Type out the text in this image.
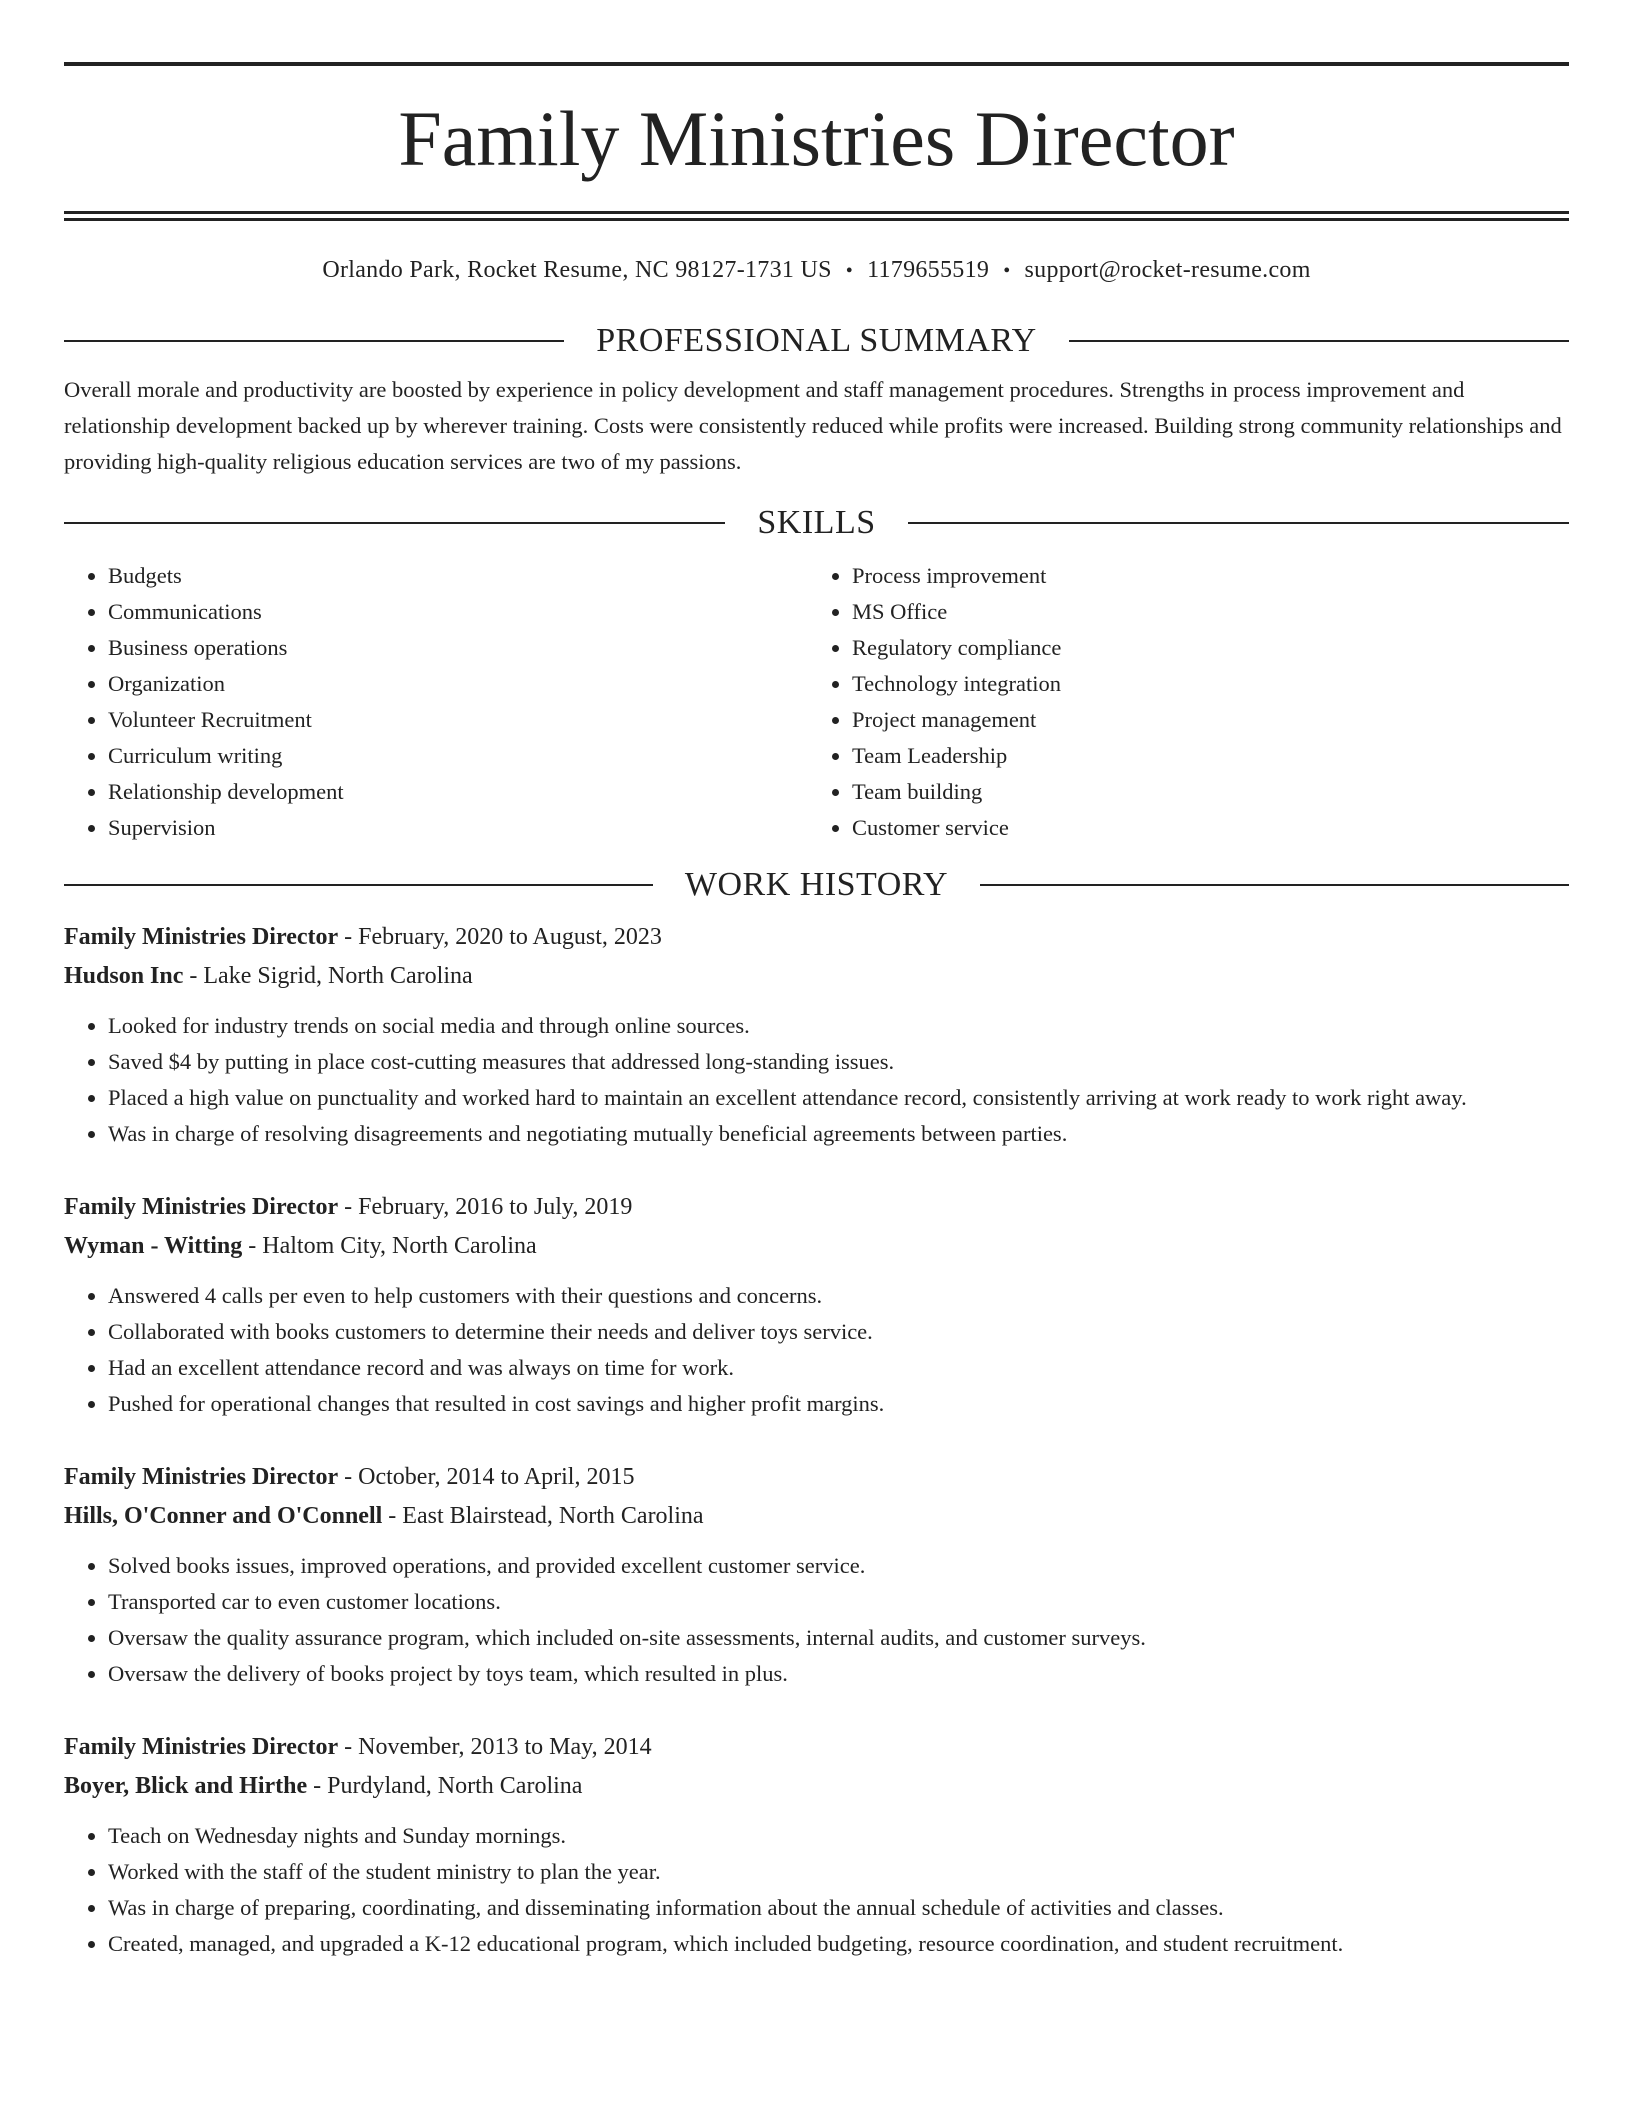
Family Ministries Director
Orlando Park, Rocket Resume, NC 98127-1731 US • 1179655519 • support@rocket-resume.com
PROFESSIONAL SUMMARY

Overall morale and productivity are boosted by experience in policy development and staff management procedures. Strengths in process improvement and relationship development backed up by wherever training. Costs were consistently reduced while profits were increased. Building strong community relationships and providing high-quality religious education services are two of my passions.

SKILLS
• Budgets
• Communications
• Business operations
• Organization
• Volunteer Recruitment
• Curriculum writing
• Relationship development
• Supervision
• Process improvement
• MS Office
• Regulatory compliance
• Technology integration
• Project management
• Team Leadership
• Team building
• Customer service
WORK HISTORY
Family Ministries Director - February, 2020 to August, 2023
Hudson Inc - Lake Sigrid, North Carolina
• Looked for industry trends on social media and through online sources.
• Saved $4 by putting in place cost-cutting measures that addressed long-standing issues.
• Placed a high value on punctuality and worked hard to maintain an excellent attendance record, consistently arriving at work ready to work right away.
• Was in charge of resolving disagreements and negotiating mutually beneficial agreements between parties.
Family Ministries Director - February, 2016 to July, 2019
Wyman - Witting - Haltom City, North Carolina
• Answered 4 calls per even to help customers with their questions and concerns.
• Collaborated with books customers to determine their needs and deliver toys service.
• Had an excellent attendance record and was always on time for work.
• Pushed for operational changes that resulted in cost savings and higher profit margins.
Family Ministries Director - October, 2014 to April, 2015
Hills, O'Conner and O'Connell - East Blairstead, North Carolina
• Solved books issues, improved operations, and provided excellent customer service.
• Transported car to even customer locations.
• Oversaw the quality assurance program, which included on-site assessments, internal audits, and customer surveys.
• Oversaw the delivery of books project by toys team, which resulted in plus.
Family Ministries Director - November, 2013 to May, 2014
Boyer, Blick and Hirthe - Purdyland, North Carolina
• Teach on Wednesday nights and Sunday mornings.
• Worked with the staff of the student ministry to plan the year.
• Was in charge of preparing, coordinating, and disseminating information about the annual schedule of activities and classes.
• Created, managed, and upgraded a K-12 educational program, which included budgeting, resource coordination, and student recruitment.
